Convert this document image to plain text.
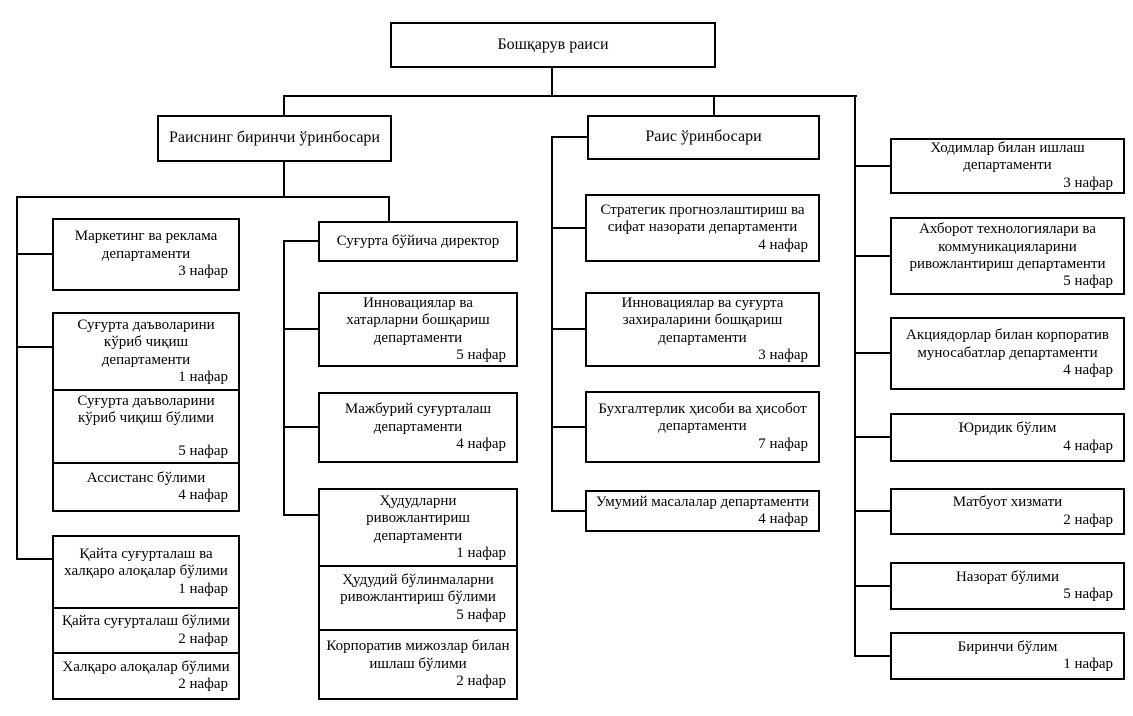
Бошқарув раиси
Раиснинг биринчи ўринбосари	Раис ўринбосари
Суғурта бўйича директор
Маркетинг ва реклама департаменти
3 нафар
Суғурта даъволарини кўриб чиқиш департаменти
1 нафар
Суғурта даъволарини кўриб чиқиш бўлими
5 нафар
Ассистанс бўлими
4 нафар
Қайта суғурталаш ва халқаро алоқалар бўлими
1 нафар
Қайта суғурталаш бўлими
2 нафар
Халқаро алоқалар бўлими
2 нафар
Инновациялар ва хатарларни бошқариш департаменти
5 нафар
Мажбурий суғурталаш департаменти
4 нафар
Ҳудудларни ривожлантириш департаменти
1 нафар
Ҳудудий бўлинмаларни ривожлантириш бўлими
5 нафар
Корпоратив мижозлар билан ишлаш бўлими
2 нафар
Стратегик прогнозлаштириш ва сифат назорати департаменти
4 нафар
Инновациялар ва суғурта захираларини бошқариш департаменти
3 нафар
Бухгалтерлик ҳисоби ва ҳисобот департаменти
7 нафар
Умумий масалалар департаменти
4 нафар
Ходимлар билан ишлаш департаменти
3 нафар
Ахборот технологиялари ва коммуникацияларини ривожлантириш департаменти
5 нафар
Акциядорлар билан корпоратив муносабатлар департаменти
4 нафар
Юридик бўлим
4 нафар
Матбуот хизмати
2 нафар
Назорат бўлими
5 нафар
Биринчи бўлим
1 нафар
